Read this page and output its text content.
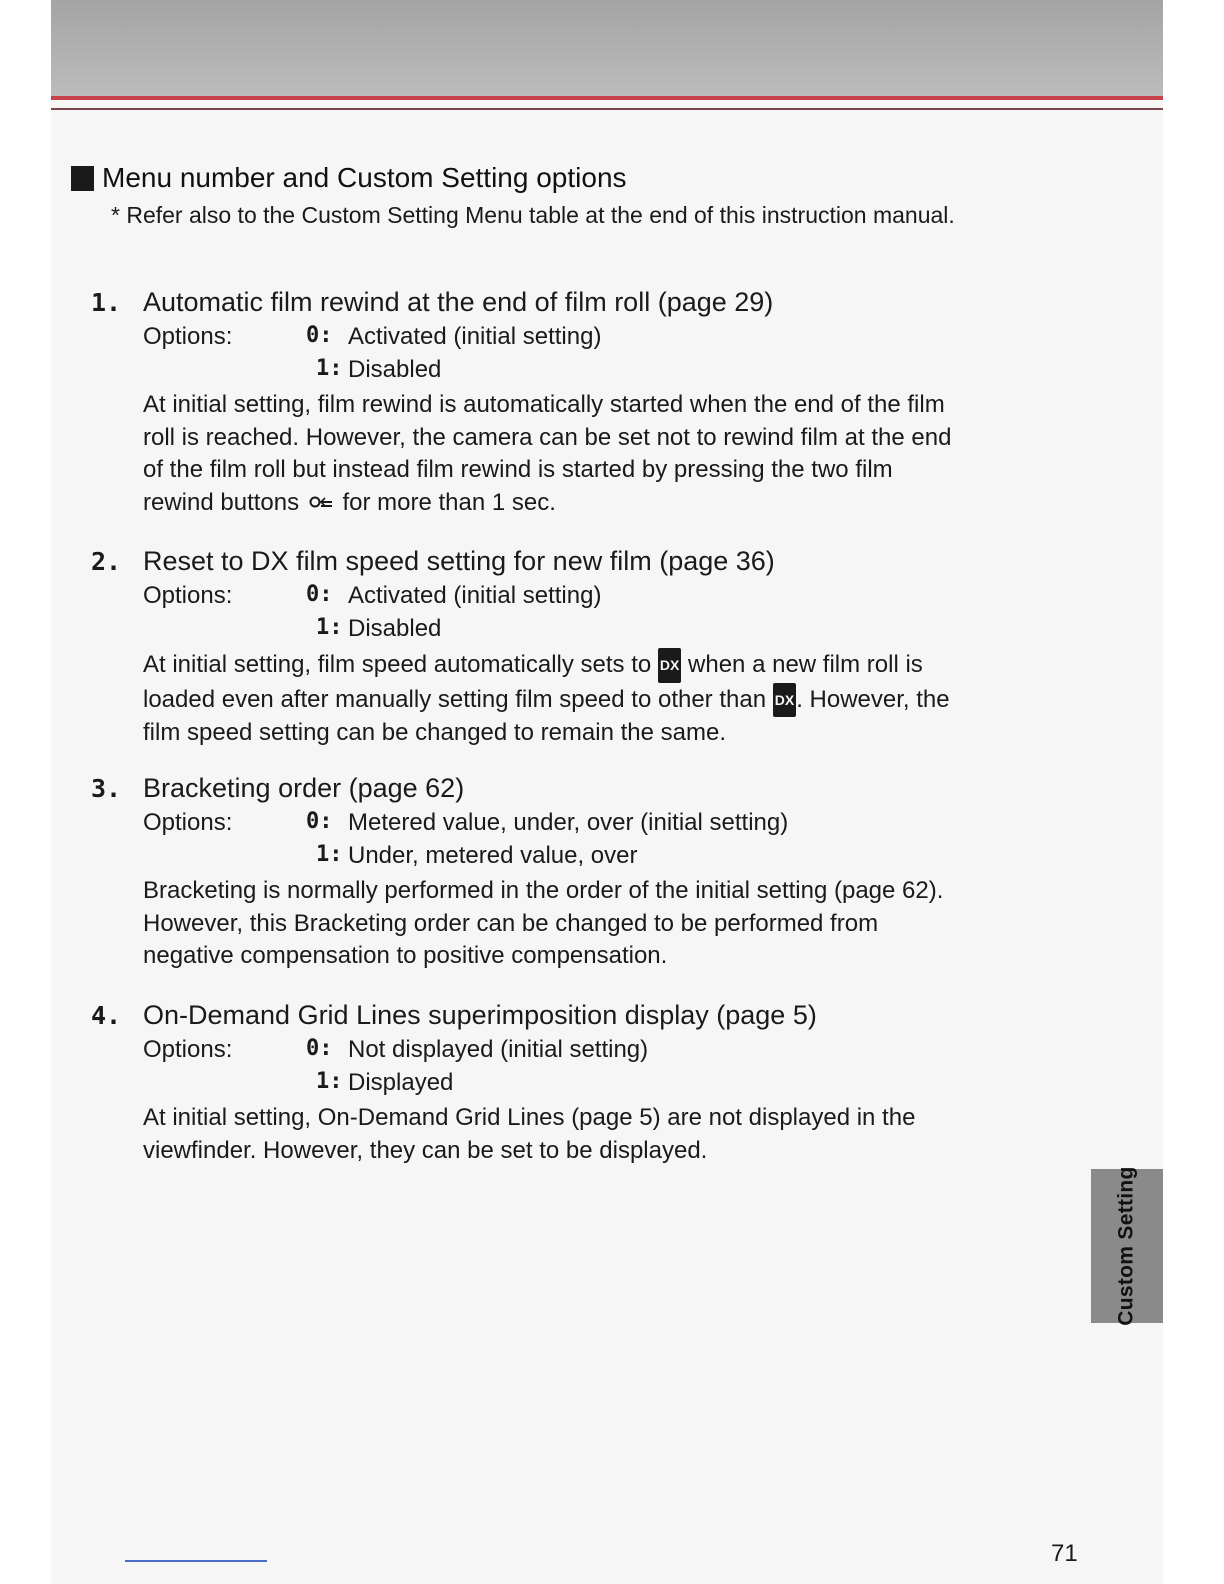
Menu number and Custom Setting options
* Refer also to the Custom Setting Menu table at the end of this instruction manual.
1. Automatic film rewind at the end of film roll (page 29)
Options:	0: Activated (initial setting)
1: Disabled
At initial setting, film rewind is automatically started when the end of the film
roll is reached. However, the camera can be set not to rewind film at the end
of the film roll but instead film rewind is started by pressing the two film
rewind buttons for more than 1 sec.
2. Reset to DX film speed setting for new film (page 36)
Options:	0: Activated (initial setting)
1: Disabled
At initial setting, film speed automatically sets to DX when a new film roll is
loaded even after manually setting film speed to other than DX. However, the
film speed setting can be changed to remain the same.
3. Bracketing order (page 62)
Options:	0: Metered value, under, over (initial setting)
1: Under, metered value, over
Bracketing is normally performed in the order of the initial setting (page 62).
However, this Bracketing order can be changed to be performed from
negative compensation to positive compensation.
4. On-Demand Grid Lines superimposition display (page 5)
Options:	0: Not displayed (initial setting)
1: Displayed
At initial setting, On-Demand Grid Lines (page 5) are not displayed in the
viewfinder. However, they can be set to be displayed.
Custom Setting
71
